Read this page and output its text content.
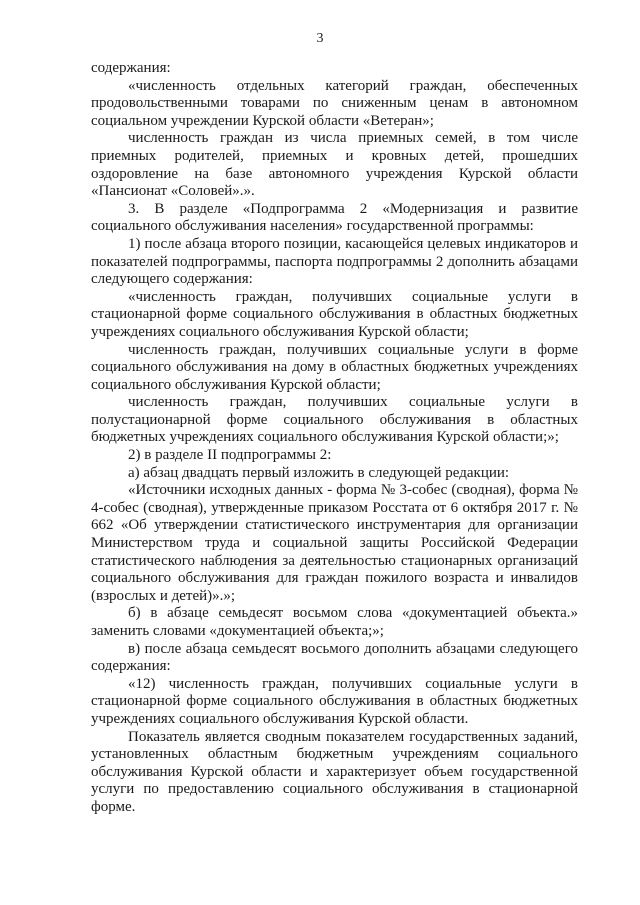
3

содержания:

«численность отдельных категорий граждан, обеспеченных продовольственными товарами по сниженным ценам в автономном социальном учреждении Курской области «Ветеран»;

численность граждан из числа приемных семей, в том числе приемных родителей, приемных и кровных детей, прошедших оздоровление на базе автономного учреждения Курской области «Пансионат «Соловей».».

3. В разделе «Подпрограмма 2 «Модернизация и развитие социального обслуживания населения» государственной программы:

1) после абзаца второго позиции, касающейся целевых индикаторов и показателей подпрограммы, паспорта подпрограммы 2 дополнить абзацами следующего содержания:

«численность граждан, получивших социальные услуги в стационарной форме социального обслуживания в областных бюджетных учреждениях социального обслуживания Курской области;

численность граждан, получивших социальные услуги в форме социального обслуживания на дому в областных бюджетных учреждениях социального обслуживания Курской области;

численность граждан, получивших социальные услуги в полустационарной форме социального обслуживания в областных бюджетных учреждениях социального обслуживания Курской области;»;

2) в разделе II подпрограммы 2:

а) абзац двадцать первый изложить в следующей редакции:

«Источники исходных данных - форма № 3-собес (сводная), форма № 4-собес (сводная), утвержденные приказом Росстата от 6 октября 2017 г. № 662 «Об утверждении статистического инструментария для организации Министерством труда и социальной защиты Российской Федерации статистического наблюдения за деятельностью стационарных организаций социального обслуживания для граждан пожилого возраста и инвалидов (взрослых и детей)».»;

б) в абзаце семьдесят восьмом слова «документацией объекта.» заменить словами «документацией объекта;»;

в) после абзаца семьдесят восьмого дополнить абзацами следующего содержания:

«12) численность граждан, получивших социальные услуги в стационарной форме социального обслуживания в областных бюджетных учреждениях социального обслуживания Курской области.

Показатель является сводным показателем государственных заданий, установленных областным бюджетным учреждениям социального обслуживания Курской области и характеризует объем государственной услуги по предоставлению социального обслуживания в стационарной форме.
